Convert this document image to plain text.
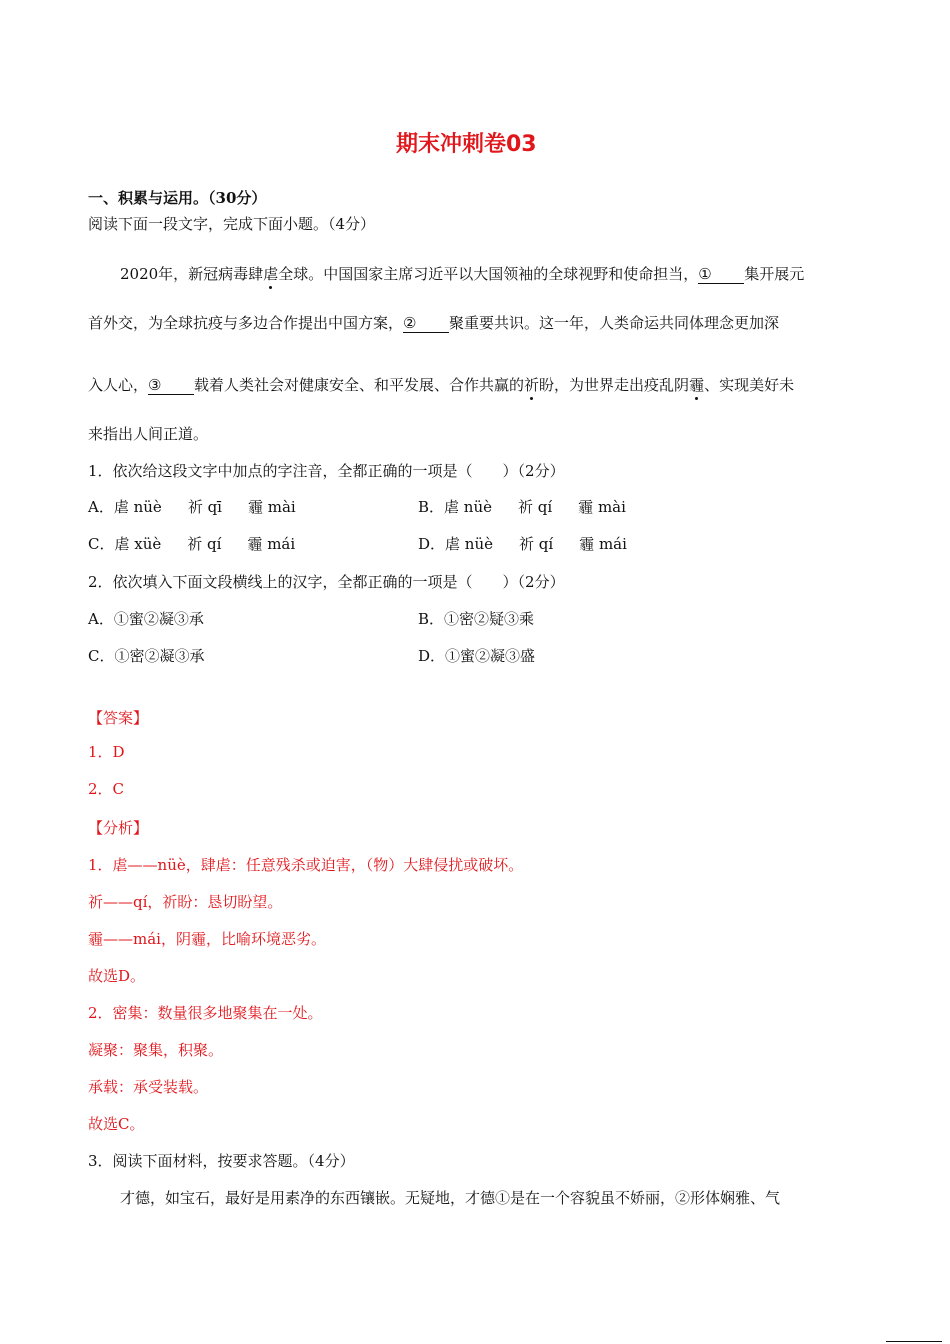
期末冲刺卷03
一、积累与运用。（30分）
阅读下面一段文字，完成下面小题。（4分）
2020年，新冠病毒肆虐全球。中国国家主席习近平以大国领袖的全球视野和使命担当，① 集开展元
首外交，为全球抗疫与多边合作提出中国方案，② 聚重要共识。这一年，人类命运共同体理念更加深
入人心，③ 载着人类社会对健康安全、和平发展、合作共赢的祈盼，为世界走出疫乱阴霾、实现美好未
来指出人间正道。
1．依次给这段文字中加点的字注音，全都正确的一项是（　　）（2分）
A．虐 nüè 祈 qī 霾 mài	B．虐 nüè 祈 qí 霾 mài
C．虐 xüè 祈 qí 霾 mái	D．虐 nüè 祈 qí 霾 mái
2．依次填入下面文段横线上的汉字，全都正确的一项是（　　）（2分）
A．①蜜②凝③承	B．①密②疑③乘
C．①密②凝③承	D．①蜜②凝③盛
【答案】
1．D
2．C
【分析】
1．虐——nüè，肆虐：任意残杀或迫害，（物）大肆侵扰或破坏。
祈——qí，祈盼：恳切盼望。
霾——mái，阴霾，比喻环境恶劣。
故选D。
2．密集：数量很多地聚集在一处。
凝聚：聚集，积聚。
承载：承受装载。
故选C。
3．阅读下面材料，按要求答题。（4分）
才德，如宝石，最好是用素净的东西镶嵌。无疑地，才德①是在一个容貌虽不娇丽，②形体娴雅、气
